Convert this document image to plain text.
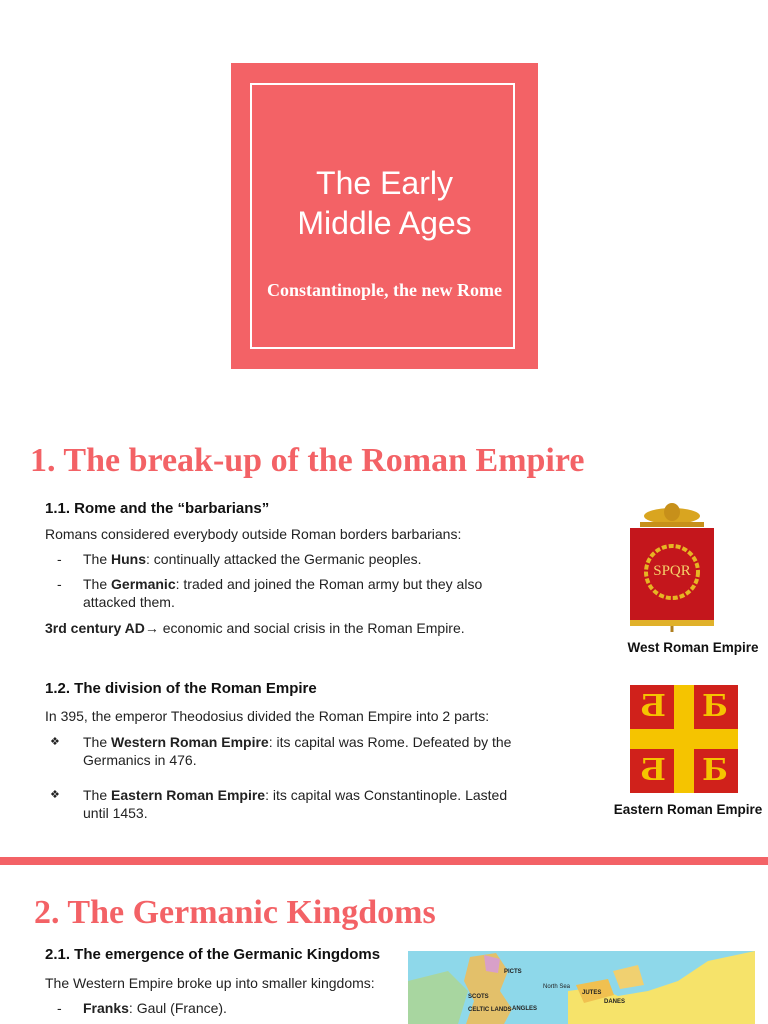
The Early
Middle Ages
Constantinople, the new Rome
1. The break-up of the Roman Empire
1.1. Rome and the “barbarians”
Romans considered everybody outside Roman borders barbarians:
-	The Huns: continually attacked the Germanic peoples.
-	The Germanic: traded and joined the Roman army but they also attacked them.
3rd century AD→ economic and social crisis in the Roman Empire.
SPQR
West Roman Empire
1.2. The division of the Roman Empire
In 395, the emperor Theodosius divided the Roman Empire into 2 parts:
❖	The Western Roman Empire: its capital was Rome. Defeated by the Germanics in 476.
❖	The Eastern Roman Empire: its capital was Constantinople. Lasted until 1453.
Б Б
Б Б
Eastern Roman Empire
2. The Germanic Kingdoms
2.1. The emergence of the Germanic Kingdoms
The Western Empire broke up into smaller kingdoms:
-	Franks: Gaul (France).
PICTS
North Sea
SCOTS
JUTES
DANES
CELTIC LANDS ANGLES
